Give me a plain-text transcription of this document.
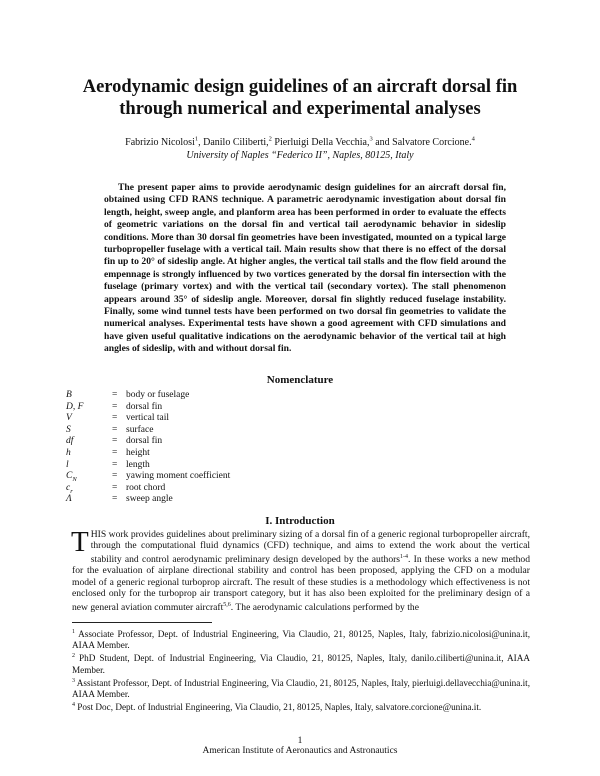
Aerodynamic design guidelines of an aircraft dorsal fin
through numerical and experimental analyses
Fabrizio Nicolosi$^1$, Danilo Ciliberti,$^2$ Pierluigi Della Vecchia,$^3$ and Salvatore Corcione.$^4$
University of Naples “Federico II”, Naples, 80125, Italy
The present paper aims to provide aerodynamic design guidelines for an aircraft dorsal fin, obtained using CFD RANS technique. A parametric aerodynamic investigation about dorsal fin length, height, sweep angle, and planform area has been performed in order to evaluate the effects of geometric variations on the dorsal fin and vertical tail aerodynamic behavior in sideslip conditions. More than 30 dorsal fin geometries have been investigated, mounted on a typical large turbopropeller fuselage with a vertical tail. Main results show that there is no effect of the dorsal fin up to 20° of sideslip angle. At higher angles, the vertical tail stalls and the flow field around the empennage is strongly influenced by two vortices generated by the dorsal fin intersection with the fuselage (primary vortex) and with the vertical tail (secondary vortex). The stall phenomenon appears around 35° of sideslip angle. Moreover, dorsal fin slightly reduced fuselage instability. Finally, some wind tunnel tests have been performed on two dorsal fin geometries to validate the numerical analyses. Experimental tests have shown a good agreement with CFD simulations and have given useful qualitative indications on the aerodynamic behavior of the vertical tail at high angles of sideslip, with and without dorsal fin.
Nomenclature
B	= body or fuselage
D, F	= dorsal fin
V	= vertical tail
S	= surface
df	= dorsal fin
h	= height
l	= length
$C_N$	= yawing moment coefficient
$c_r$	= root chord
Λ	= sweep angle
I. Introduction
THIS work provides guidelines about preliminary sizing of a dorsal fin of a generic regional turbopropeller aircraft, through the computational fluid dynamics (CFD) technique, and aims to extend the work about the vertical stability and control aerodynamic preliminary design developed by the authors$^{1-4}$. In these works a new method for the evaluation of airplane directional stability and control has been proposed, applying the CFD on a modular model of a generic regional turboprop aircraft. The result of these studies is a methodology which effectiveness is not enclosed only for the turboprop air transport category, but it has also been exploited for the preliminary design of a new general aviation commuter aircraft$^{5,6}$. The aerodynamic calculations performed by the
$^1$ Associate Professor, Dept. of Industrial Engineering, Via Claudio, 21, 80125, Naples, Italy, fabrizio.nicolosi@unina.it, AIAA Member.
$^2$ PhD Student, Dept. of Industrial Engineering, Via Claudio, 21, 80125, Naples, Italy, danilo.ciliberti@unina.it, AIAA Member.
$^3$ Assistant Professor, Dept. of Industrial Engineering, Via Claudio, 21, 80125, Naples, Italy, pierluigi.dellavecchia@unina.it, AIAA Member.
$^4$ Post Doc, Dept. of Industrial Engineering, Via Claudio, 21, 80125, Naples, Italy, salvatore.corcione@unina.it.
1
American Institute of Aeronautics and Astronautics
